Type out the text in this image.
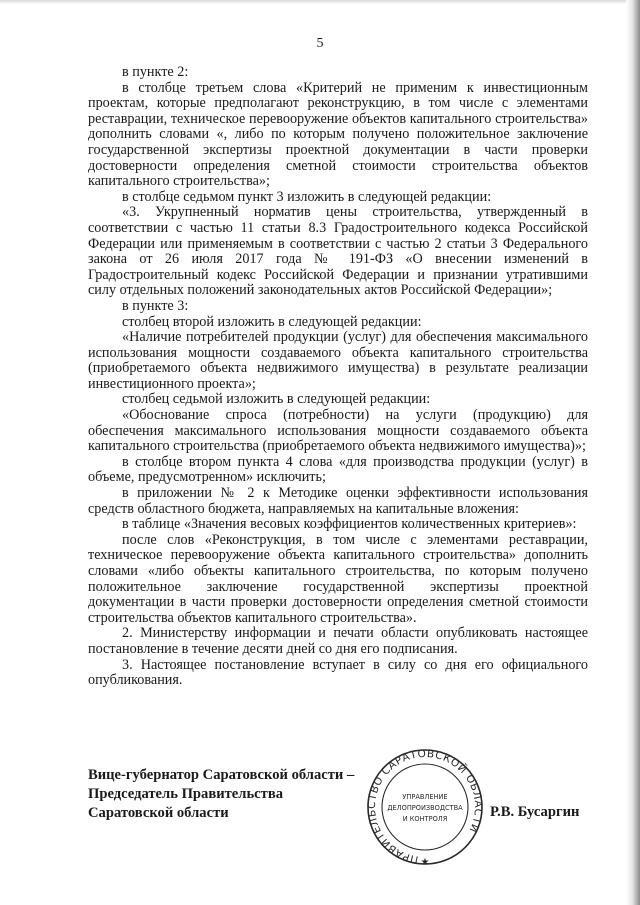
5

в пункте 2:

в столбце третьем слова «Критерий не применим к инвестиционным проектам, которые предполагают реконструкцию, в том числе с элементами реставрации, техническое перевооружение объектов капитального строительства» дополнить словами «, либо по которым получено положительное заключение государственной экспертизы проектной документации в части проверки достоверности определения сметной стоимости строительства объектов капитального строительства»;

в столбце седьмом пункт 3 изложить в следующей редакции:

«3. Укрупненный норматив цены строительства, утвержденный в соответствии с частью 11 статьи 8.3 Градостроительного кодекса Российской Федерации или применяемым в соответствии с частью 2 статьи 3 Федерального закона от 26 июля 2017 года № 191-ФЗ «О внесении изменений в Градостроительный кодекс Российской Федерации и признании утратившими силу отдельных положений законодательных актов Российской Федерации»;

в пункте 3:

столбец второй изложить в следующей редакции:

«Наличие потребителей продукции (услуг) для обеспечения максимального использования мощности создаваемого объекта капитального строительства (приобретаемого объекта недвижимого имущества) в результате реализации инвестиционного проекта»;

столбец седьмой изложить в следующей редакции:

«Обоснование спроса (потребности) на услуги (продукцию) для обеспечения максимального использования мощности создаваемого объекта капитального строительства (приобретаемого объекта недвижимого имущества)»;

в столбце втором пункта 4 слова «для производства продукции (услуг) в объеме, предусмотренном» исключить;

в приложении № 2 к Методике оценки эффективности использования средств областного бюджета, направляемых на капитальные вложения:

в таблице «Значения весовых коэффициентов количественных критериев»:

после слов «Реконструкция, в том числе с элементами реставрации, техническое перевооружение объекта капитального строительства» дополнить словами «либо объекты капитального строительства, по которым получено положительное заключение государственной экспертизы проектной документации в части проверки достоверности определения сметной стоимости строительства объектов капитального строительства».

2. Министерству информации и печати области опубликовать настоящее постановление в течение десяти дней со дня его подписания.

3. Настоящее постановление вступает в силу со дня его официального опубликования.

Вице-губернатор Саратовской области –
Председатель Правительства
Саратовской области
ПРАВИТЕЛЬСТВО САРАТОВСКОЙ ОБЛАСТИ
УПРАВЛЕНИЕ
ДЕЛОПРОИЗВОДСТВА
И КОНТРОЛЯ
★
Р.В. Бусаргин
